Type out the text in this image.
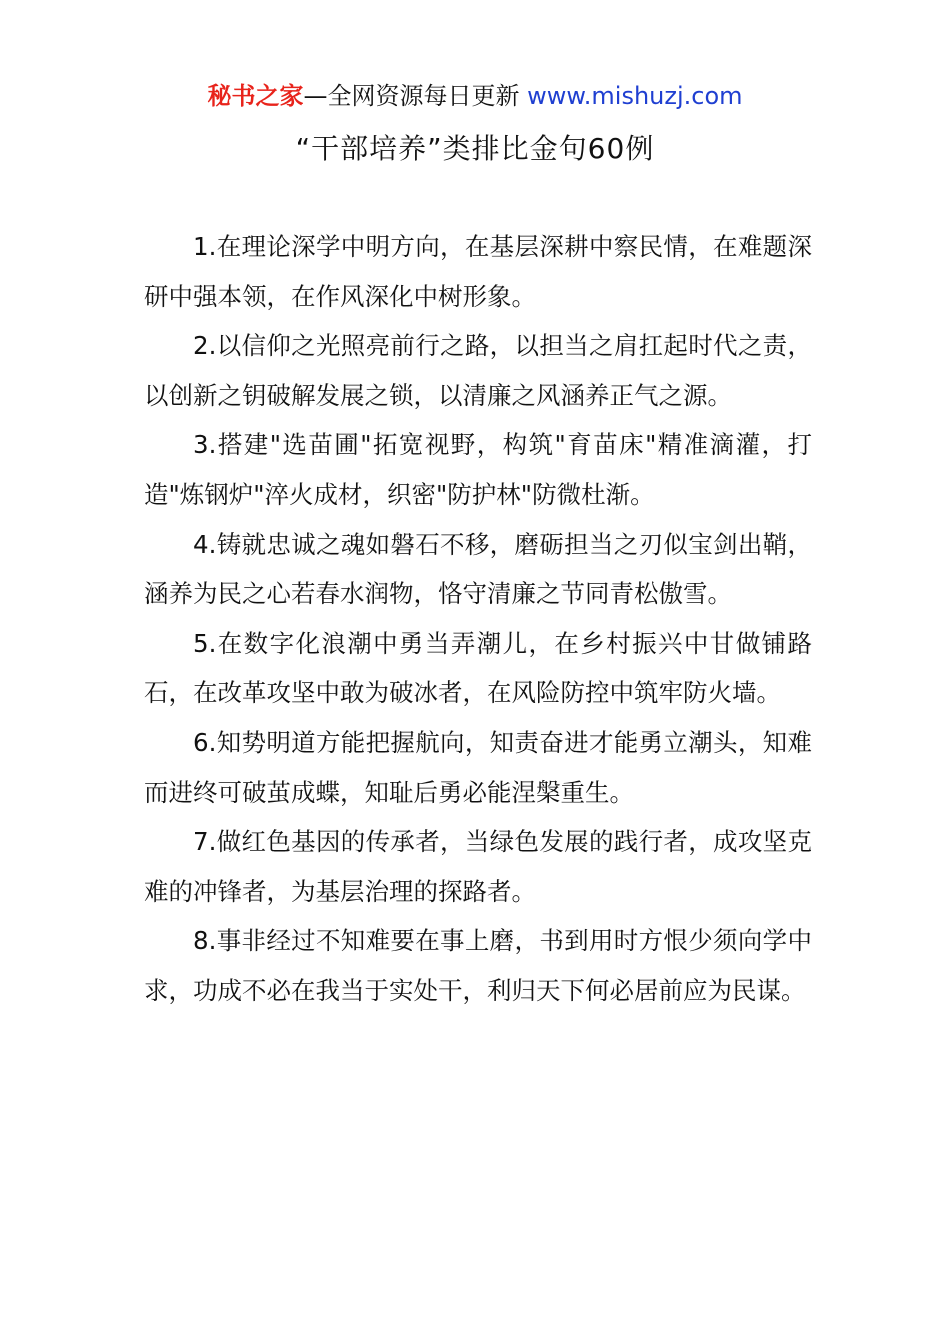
秘书之家—全网资源每日更新 www.mishuzj.com
“干部培养”类排比金句60例

1.在理论深学中明方向，在基层深耕中察民情，在难题深研中强本领，在作风深化中树形象。

2.以信仰之光照亮前行之路，以担当之肩扛起时代之责，以创新之钥破解发展之锁，以清廉之风涵养正气之源。

3.搭建"选苗圃"拓宽视野，构筑"育苗床"精准滴灌，打造"炼钢炉"淬火成材，织密"防护林"防微杜渐。

4.铸就忠诚之魂如磐石不移，磨砺担当之刃似宝剑出鞘，涵养为民之心若春水润物，恪守清廉之节同青松傲雪。

5.在数字化浪潮中勇当弄潮儿，在乡村振兴中甘做铺路石，在改革攻坚中敢为破冰者，在风险防控中筑牢防火墙。

6.知势明道方能把握航向，知责奋进才能勇立潮头，知难而进终可破茧成蝶，知耻后勇必能涅槃重生。

7.做红色基因的传承者，当绿色发展的践行者，成攻坚克难的冲锋者，为基层治理的探路者。

8.事非经过不知难要在事上磨，书到用时方恨少须向学中求，功成不必在我当于实处干，利归天下何必居前应为民谋。
